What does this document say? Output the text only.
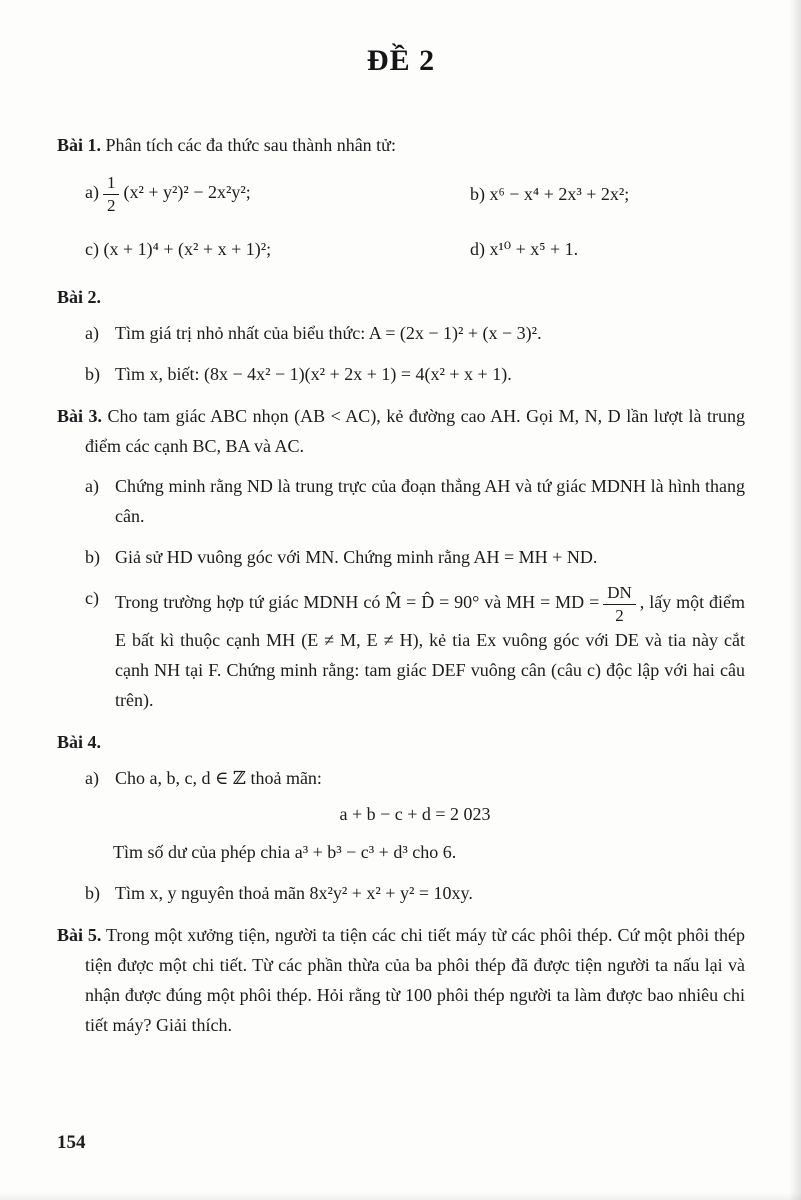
ĐỀ 2

Bài 1. Phân tích các đa thức sau thành nhân tử:

$a) \frac{1}{2} (x^2 + y^2)^2 - 2x^2y^2$;	b) x⁶ − x⁴ + 2x³ + 2x²;
c) (x + 1)⁴ + (x² + x + 1)²;	d) x¹⁰ + x⁵ + 1.

Bài 2.

a) Tìm giá trị nhỏ nhất của biểu thức: A = (2x − 1)² + (x − 3)².
b) Tìm x, biết: (8x − 4x² − 1)(x² + 2x + 1) = 4(x² + x + 1).

Bài 3. Cho tam giác ABC nhọn (AB < AC), kẻ đường cao AH. Gọi M, N, D lần lượt là trung điểm các cạnh BC, BA và AC.

a) Chứng minh rằng ND là trung trực của đoạn thẳng AH và tứ giác MDNH là hình thang cân.
b) Giả sử HD vuông góc với MN. Chứng minh rằng AH = MH + ND.
c) Trong trường hợp tứ giác MDNH có M̂ = D̂ = 90° và MH = MD = $\frac{DN}{2}$ , lấy một điểm E bất kì thuộc cạnh MH (E ≠ M, E ≠ H), kẻ tia Ex vuông góc với DE và tia này cắt cạnh NH tại F. Chứng minh rằng: tam giác DEF vuông cân (câu c) độc lập với hai câu trên).

Bài 4.

a) Cho a, b, c, d ∈ ℤ thoả mãn:

a + b − c + d = 2 023

Tìm số dư của phép chia a³ + b³ − c³ + d³ cho 6.

b) Tìm x, y nguyên thoả mãn 8x²y² + x² + y² = 10xy.

Bài 5. Trong một xưởng tiện, người ta tiện các chi tiết máy từ các phôi thép. Cứ một phôi thép tiện được một chi tiết. Từ các phần thừa của ba phôi thép đã được tiện người ta nấu lại và nhận được đúng một phôi thép. Hỏi rằng từ 100 phôi thép người ta làm được bao nhiêu chi tiết máy? Giải thích.

154
